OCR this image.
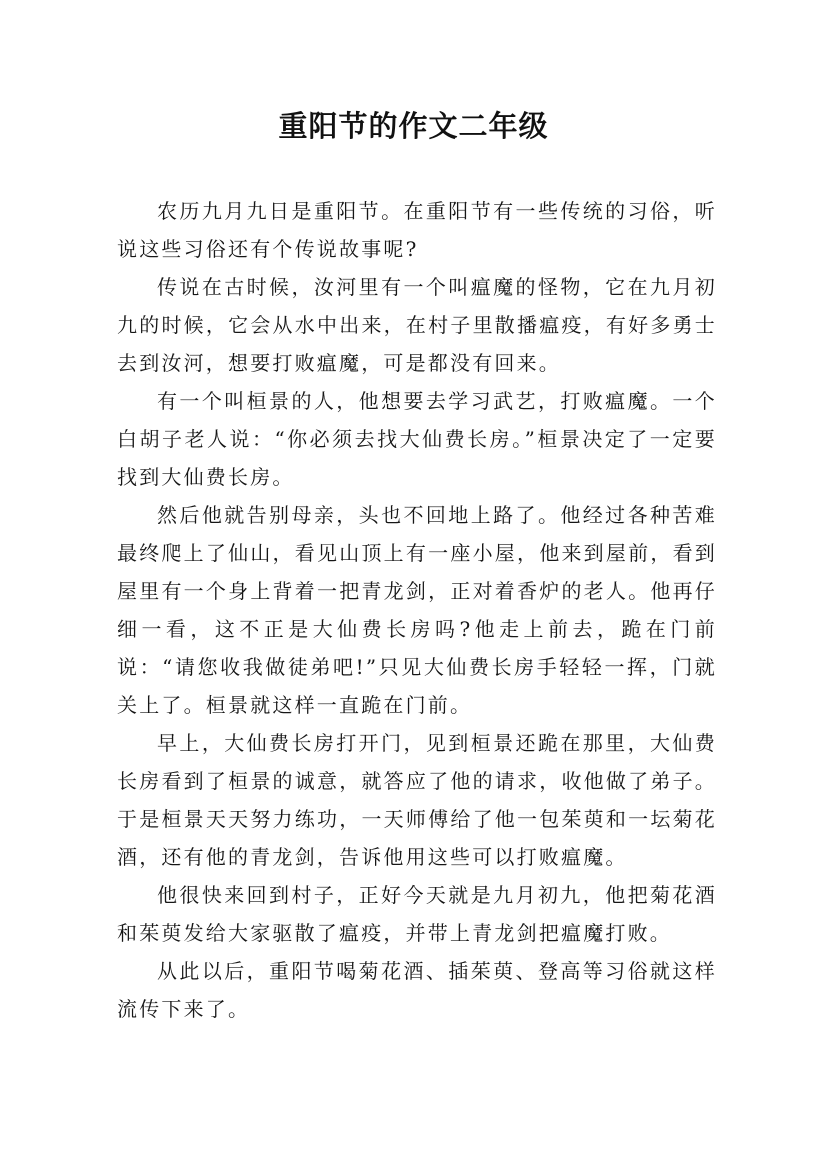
重阳节的作文二年级

农历九月九日是重阳节。在重阳节有一些传统的习俗，听说这些习俗还有个传说故事呢?

传说在古时候，汝河里有一个叫瘟魔的怪物，它在九月初九的时候，它会从水中出来，在村子里散播瘟疫，有好多勇士去到汝河，想要打败瘟魔，可是都没有回来。

有一个叫桓景的人，他想要去学习武艺，打败瘟魔。一个白胡子老人说：“你必须去找大仙费长房。”桓景决定了一定要找到大仙费长房。

然后他就告别母亲，头也不回地上路了。他经过各种苦难最终爬上了仙山，看见山顶上有一座小屋，他来到屋前，看到屋里有一个身上背着一把青龙剑，正对着香炉的老人。他再仔细一看，这不正是大仙费长房吗?他走上前去，跪在门前说：“请您收我做徒弟吧!”只见大仙费长房手轻轻一挥，门就关上了。桓景就这样一直跪在门前。

早上，大仙费长房打开门，见到桓景还跪在那里，大仙费长房看到了桓景的诚意，就答应了他的请求，收他做了弟子。于是桓景天天努力练功，一天师傅给了他一包茱萸和一坛菊花酒，还有他的青龙剑，告诉他用这些可以打败瘟魔。

他很快来回到村子，正好今天就是九月初九，他把菊花酒和茱萸发给大家驱散了瘟疫，并带上青龙剑把瘟魔打败。

从此以后，重阳节喝菊花酒、插茱萸、登高等习俗就这样流传下来了。
